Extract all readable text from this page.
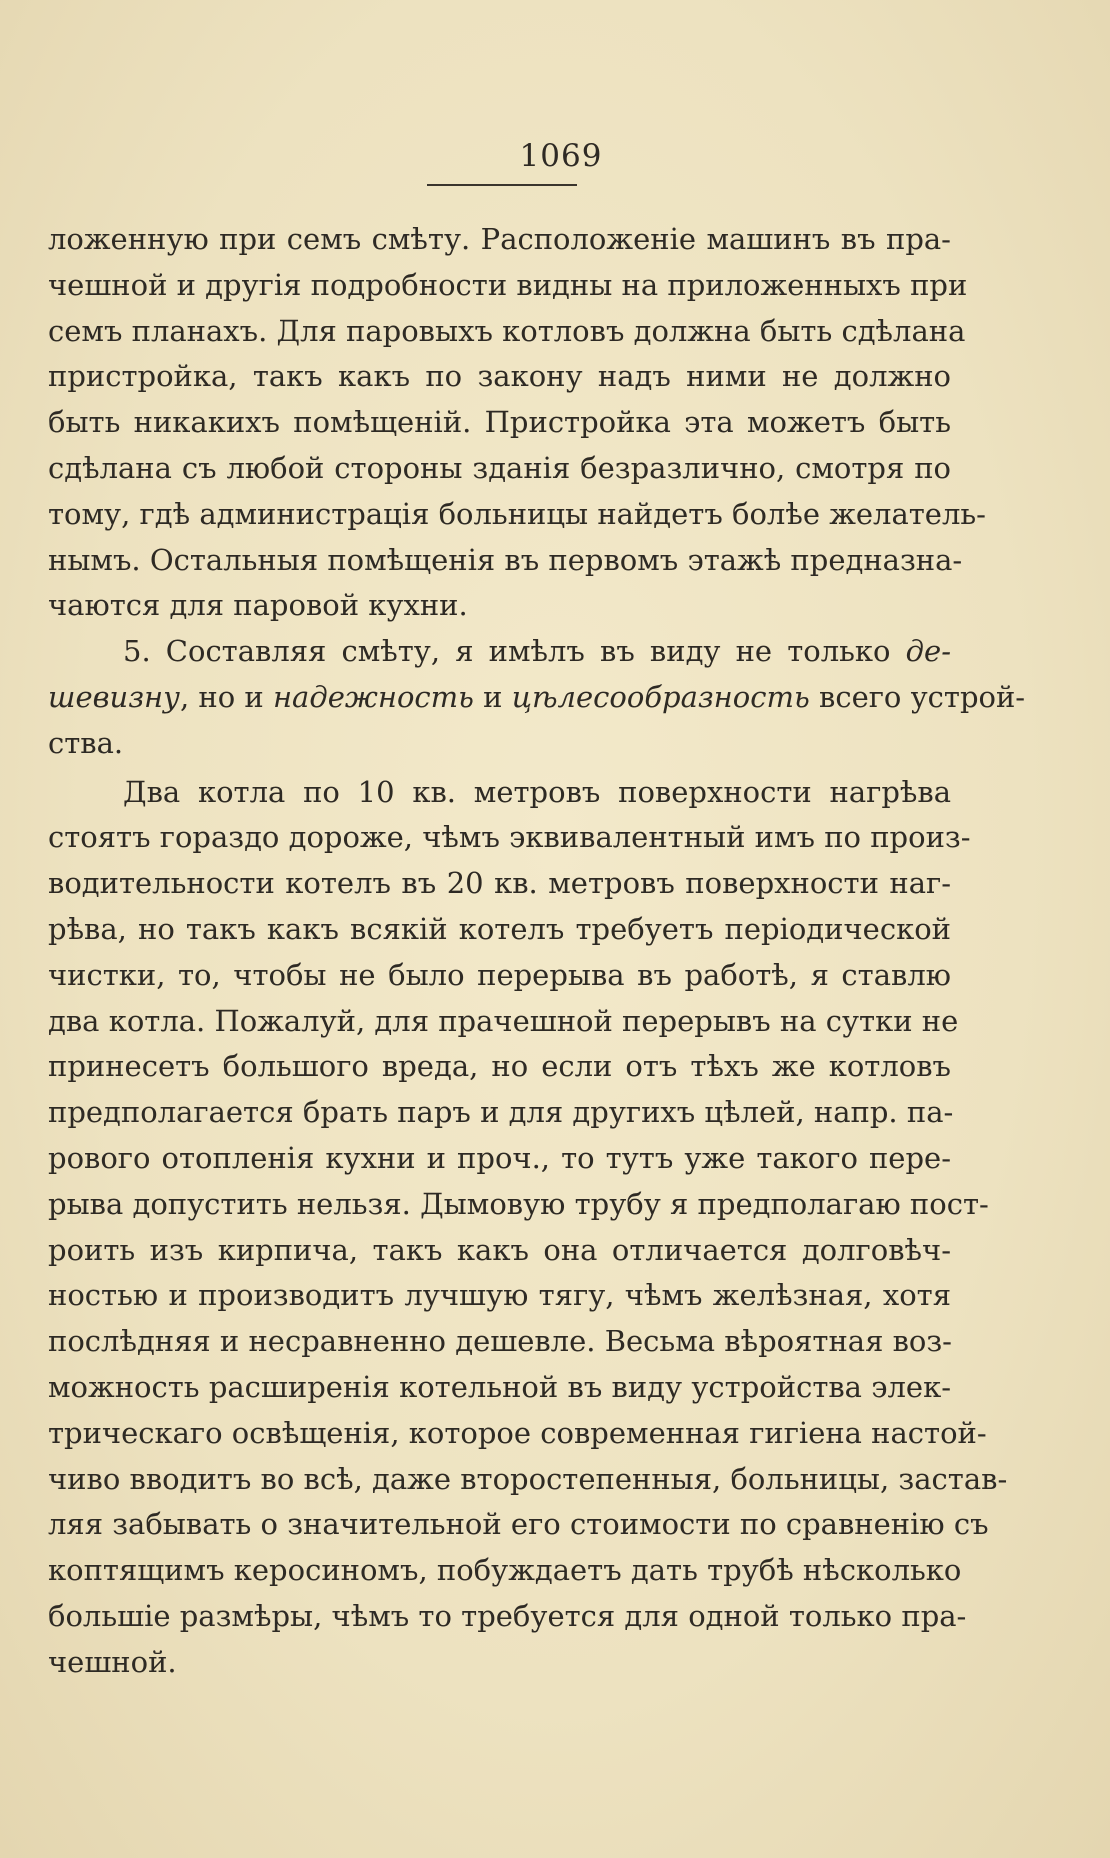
1069
ложенную при семъ смѣту. Расположеніе машинъ въ пра-
чешной и другія подробности видны на приложенныхъ при
семъ планахъ. Для паровыхъ котловъ должна быть сдѣлана
пристройка, такъ какъ по закону надъ ними не должно
быть никакихъ помѣщеній. Пристройка эта можетъ быть
сдѣлана съ любой стороны зданія безразлично, смотря по
тому, гдѣ администрація больницы найдетъ болѣе желатель-
нымъ. Остальныя помѣщенія въ первомъ этажѣ предназна-
чаются для паровой кухни.
5. Составляя смѣту, я имѣлъ въ виду не только де-
шевизну, но и надежность и цѣлесообразность всего устрой-
ства.
Два котла по 10 кв. метровъ поверхности нагрѣва
стоятъ гораздо дороже, чѣмъ эквивалентный имъ по произ-
водительности котелъ въ 20 кв. метровъ поверхности наг-
рѣва, но такъ какъ всякій котелъ требуетъ періодической
чистки, то, чтобы не было перерыва въ работѣ, я ставлю
два котла. Пожалуй, для прачешной перерывъ на сутки не
принесетъ большого вреда, но если отъ тѣхъ же котловъ
предполагается брать паръ и для другихъ цѣлей, напр. па-
рового отопленія кухни и проч., то тутъ уже такого пере-
рыва допустить нельзя. Дымовую трубу я предполагаю пост-
роить изъ кирпича, такъ какъ она отличается долговѣч-
ностью и производитъ лучшую тягу, чѣмъ желѣзная, хотя
послѣдняя и несравненно дешевле. Весьма вѣроятная воз-
можность расширенія котельной въ виду устройства элек-
трическаго освѣщенія, которое современная гигіена настой-
чиво вводитъ во всѣ, даже второстепенныя, больницы, застав-
ляя забывать о значительной его стоимости по сравненію съ
коптящимъ керосиномъ, побуждаетъ дать трубѣ нѣсколько
большіе размѣры, чѣмъ то требуется для одной только пра-
чешной.
